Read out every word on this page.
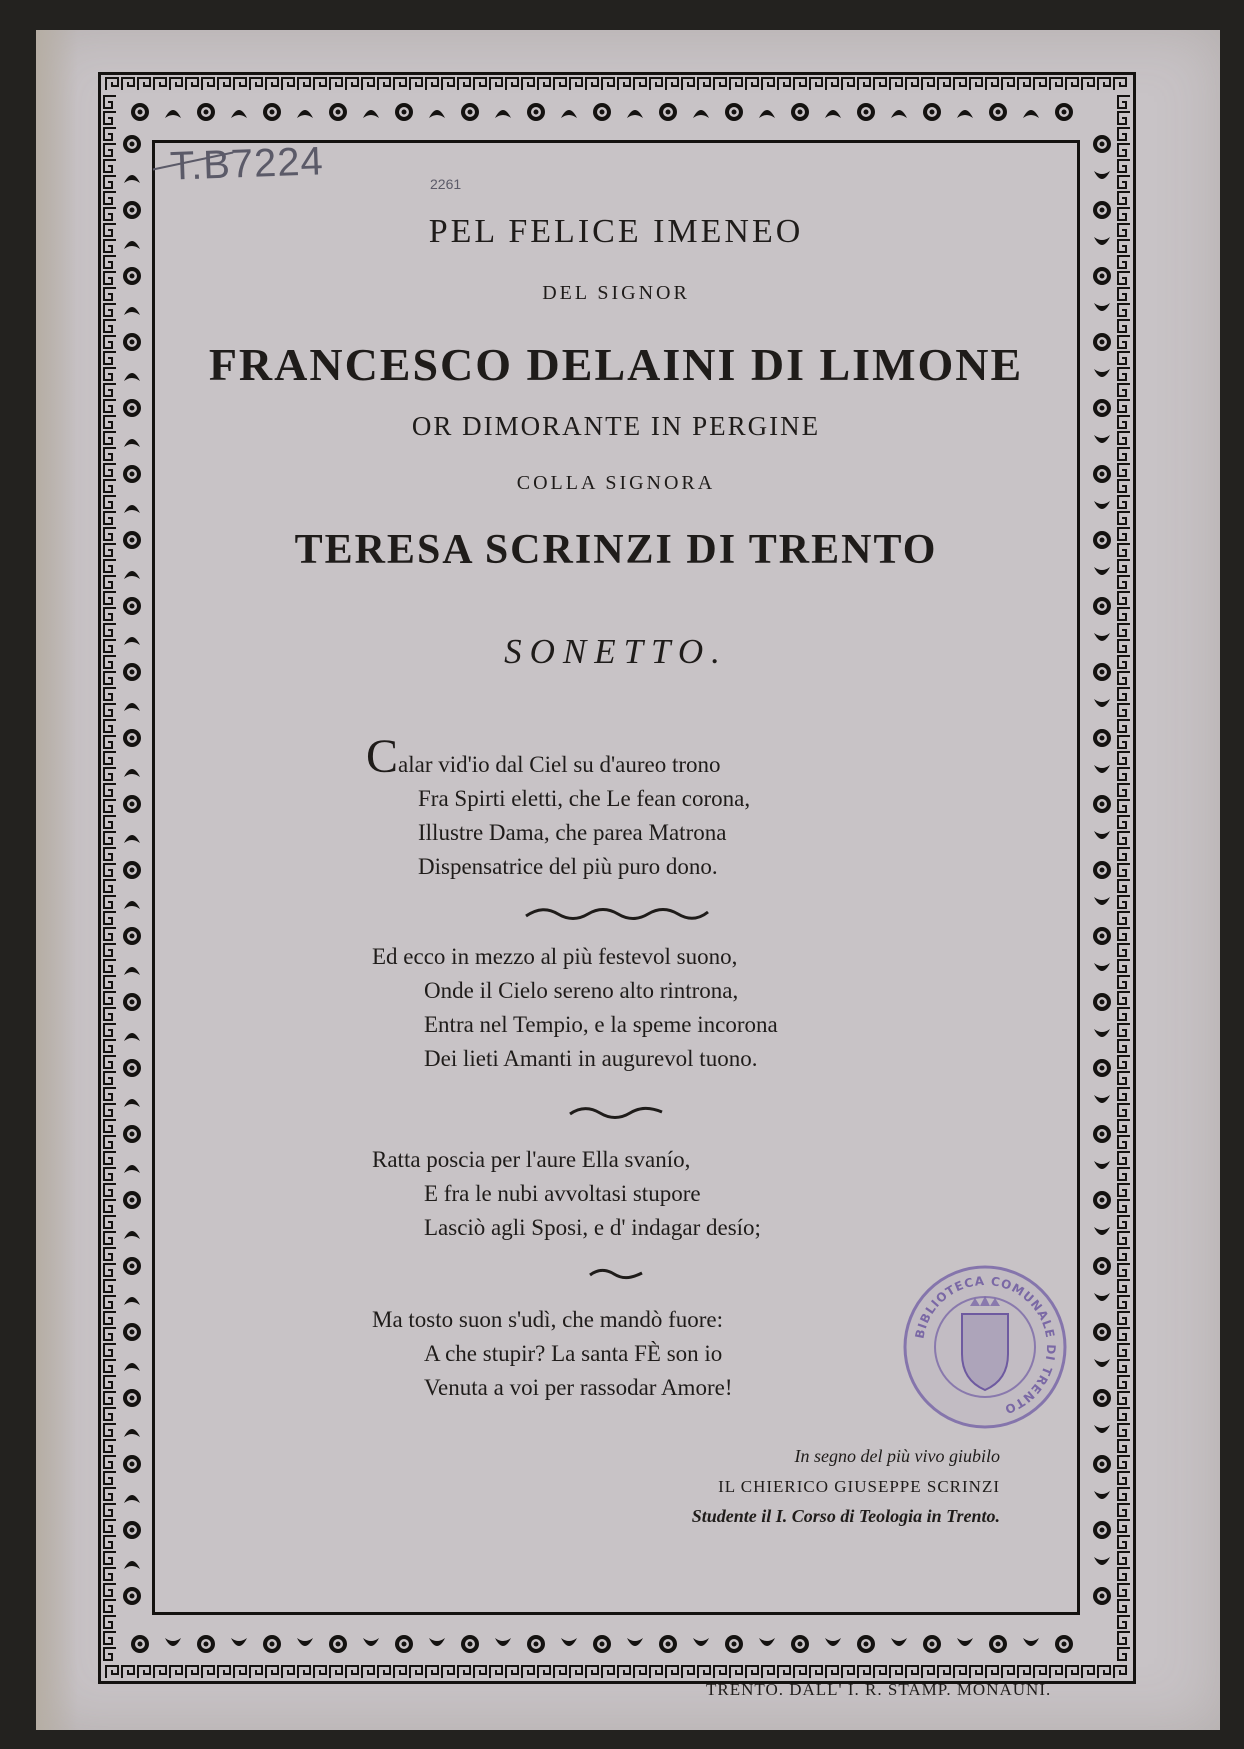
T.B7224	2261
PEL FELICE IMENEO
DEL SIGNOR
FRANCESCO DELAINI DI LIMONE
OR DIMORANTE IN PERGINE
COLLA SIGNORA
TERESA SCRINZI DI TRENTO
SONETTO.
Calar vid'io dal Ciel su d'aureo trono
Fra Spirti eletti, che Le fean corona,
Illustre Dama, che parea Matrona
Dispensatrice del più puro dono.
Ed ecco in mezzo al più festevol suono,
Onde il Cielo sereno alto rintrona,
Entra nel Tempio, e la speme incorona
Dei lieti Amanti in augurevol tuono.
Ratta poscia per l'aure Ella svanío,
E fra le nubi avvoltasi stupore
Lasciò agli Sposi, e d' indagar desío;
Ma tosto suon s'udì, che mandò fuore:
A che stupir? La santa FÈ son io
Venuta a voi per rassodar Amore!
In segno del più vivo giubilo
IL CHIERICO GIUSEPPE SCRINZI
Studente il I. Corso di Teologia in Trento.
TRENTO. DALL' I. R. STAMP. MONAUNI.
BIBLIOTECA COMUNALE DI TRENTO
